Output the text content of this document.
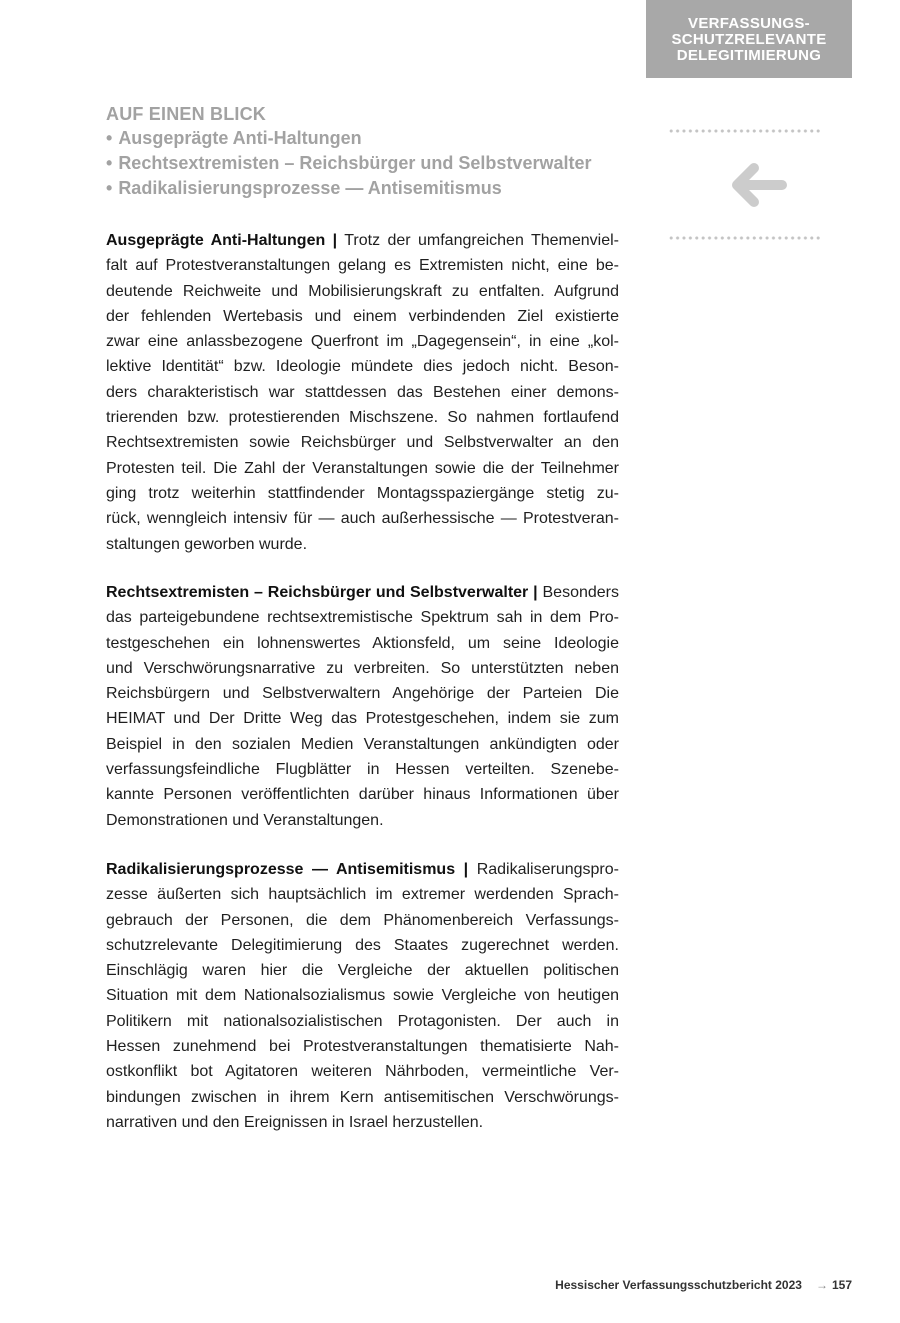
VERFASSUNGS-
SCHUTZRELEVANTE
DELEGITIMIERUNG
AUF EINEN BLICK
• Ausgeprägte Anti-Haltungen
• Rechtsextremisten – Reichsbürger und Selbstverwalter
• Radikalisierungsprozesse — Antisemitismus
Ausgeprägte Anti-Haltungen | Trotz der umfangreichen Themenviel-
falt auf Protestveranstaltungen gelang es Extremisten nicht, eine be-
deutende Reichweite und Mobilisierungskraft zu entfalten. Aufgrund
der fehlenden Wertebasis und einem verbindenden Ziel existierte
zwar eine anlassbezogene Querfront im „Dagegensein“, in eine „kol-
lektive Identität“ bzw. Ideologie mündete dies jedoch nicht. Beson-
ders charakteristisch war stattdessen das Bestehen einer demons-
trierenden bzw. protestierenden Mischszene. So nahmen fortlaufend
Rechtsextremisten sowie Reichsbürger und Selbstverwalter an den
Protesten teil. Die Zahl der Veranstaltungen sowie die der Teilnehmer
ging trotz weiterhin stattfindender Montagsspaziergänge stetig zu-
rück, wenngleich intensiv für — auch außerhessische — Protestveran-
staltungen geworben wurde.
Rechtsextremisten – Reichsbürger und Selbstverwalter | Besonders
das parteigebundene rechtsextremistische Spektrum sah in dem Pro-
testgeschehen ein lohnenswertes Aktionsfeld, um seine Ideologie
und Verschwörungsnarrative zu verbreiten. So unterstützten neben
Reichsbürgern und Selbstverwaltern Angehörige der Parteien Die
HEIMAT und Der Dritte Weg das Protestgeschehen, indem sie zum
Beispiel in den sozialen Medien Veranstaltungen ankündigten oder
verfassungsfeindliche Flugblätter in Hessen verteilten. Szenebe-
kannte Personen veröffentlichten darüber hinaus Informationen über
Demonstrationen und Veranstaltungen.
Radikalisierungsprozesse — Antisemitismus | Radikaliserungspro-
zesse äußerten sich hauptsächlich im extremer werdenden Sprach-
gebrauch der Personen, die dem Phänomenbereich Verfassungs-
schutzrelevante Delegitimierung des Staates zugerechnet werden.
Einschlägig waren hier die Vergleiche der aktuellen politischen
Situation mit dem Nationalsozialismus sowie Vergleiche von heutigen
Politikern mit nationalsozialistischen Protagonisten. Der auch in
Hessen zunehmend bei Protestveranstaltungen thematisierte Nah-
ostkonflikt bot Agitatoren weiteren Nährboden, vermeintliche Ver-
bindungen zwischen in ihrem Kern antisemitischen Verschwörungs-
narrativen und den Ereignissen in Israel herzustellen.
Hessischer Verfassungsschutzbericht 2023 → 157
